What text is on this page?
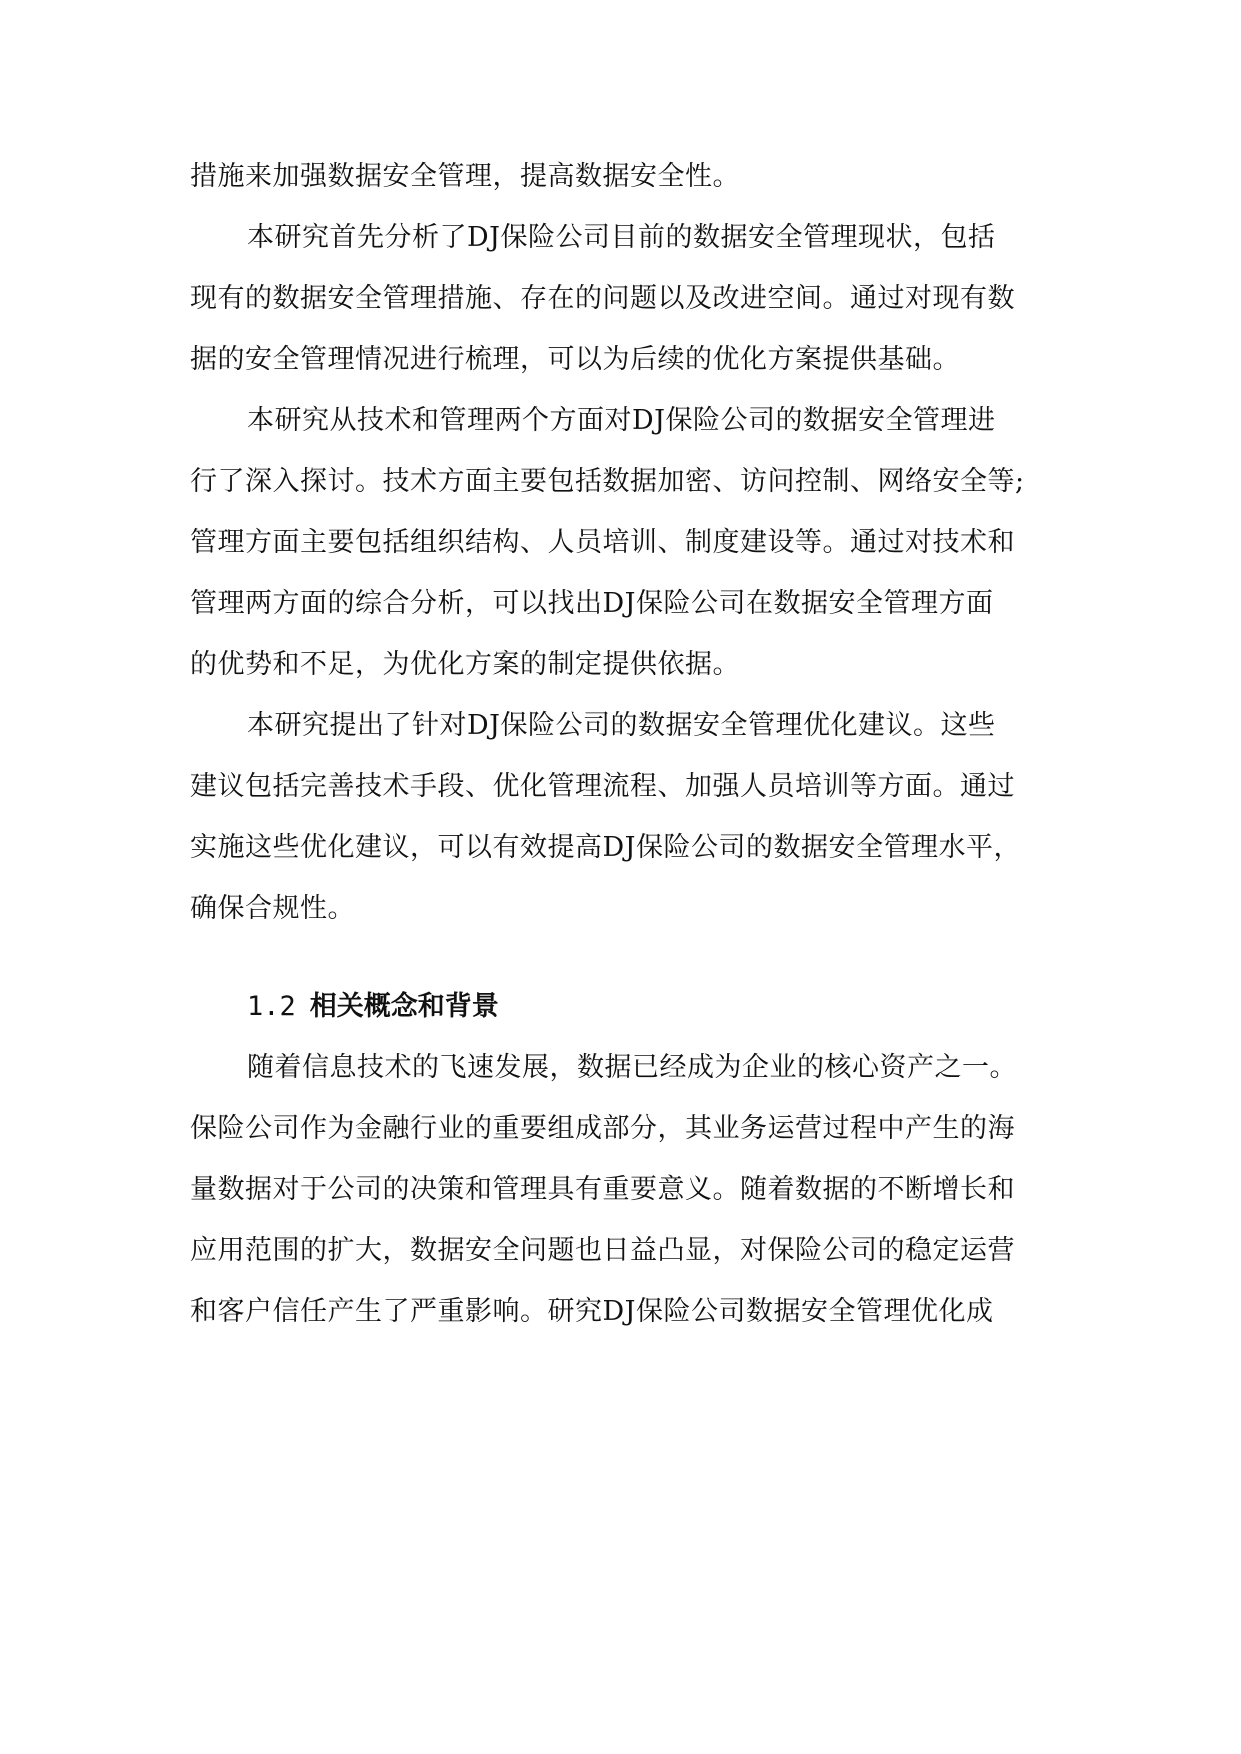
措施来加强数据安全管理，提高数据安全性。
本研究首先分析了DJ保险公司目前的数据安全管理现状，包括
现有的数据安全管理措施、存在的问题以及改进空间。通过对现有数
据的安全管理情况进行梳理，可以为后续的优化方案提供基础。
本研究从技术和管理两个方面对DJ保险公司的数据安全管理进
行了深入探讨。技术方面主要包括数据加密、访问控制、网络安全等;
管理方面主要包括组织结构、人员培训、制度建设等。通过对技术和
管理两方面的综合分析，可以找出DJ保险公司在数据安全管理方面
的优势和不足，为优化方案的制定提供依据。
本研究提出了针对DJ保险公司的数据安全管理优化建议。这些
建议包括完善技术手段、优化管理流程、加强人员培训等方面。通过
实施这些优化建议，可以有效提高DJ保险公司的数据安全管理水平，
确保合规性。
1.2 相关概念和背景
随着信息技术的飞速发展，数据已经成为企业的核心资产之一。
保险公司作为金融行业的重要组成部分，其业务运营过程中产生的海
量数据对于公司的决策和管理具有重要意义。随着数据的不断增长和
应用范围的扩大，数据安全问题也日益凸显，对保险公司的稳定运营
和客户信任产生了严重影响。研究DJ保险公司数据安全管理优化成
